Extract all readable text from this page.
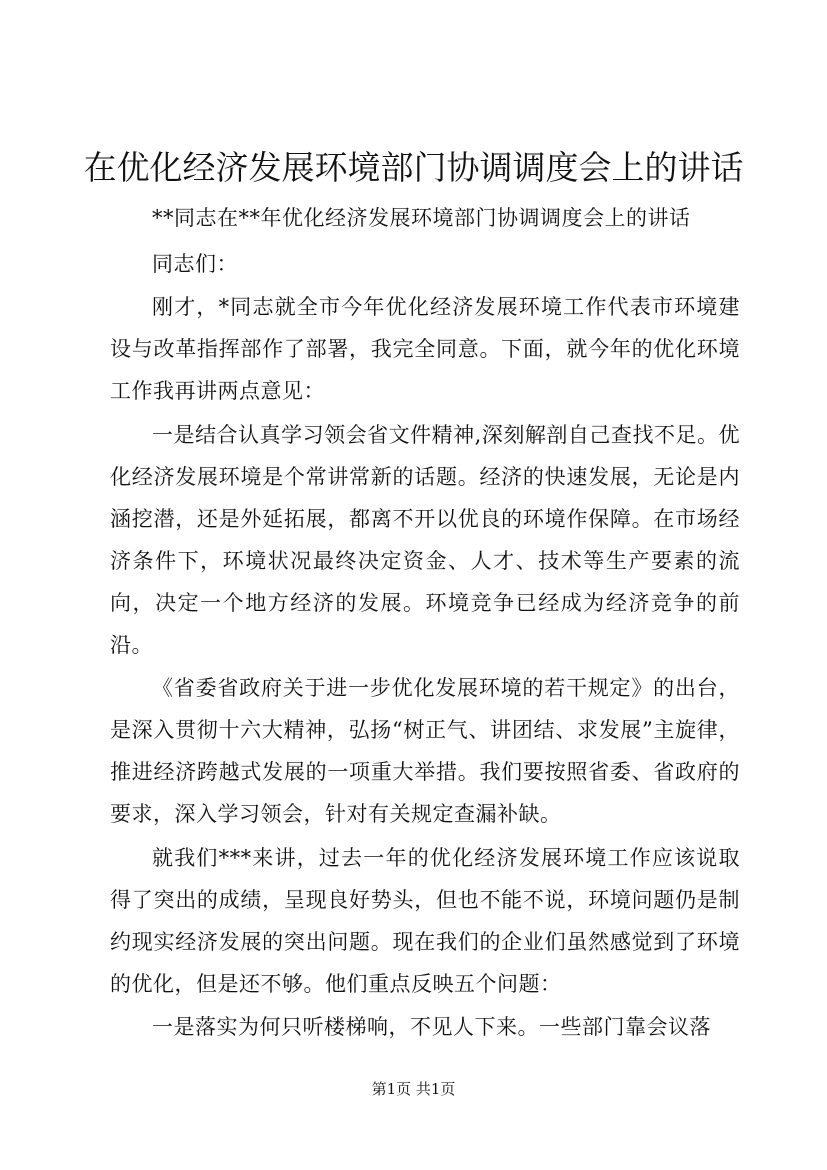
在优化经济发展环境部门协调调度会上的讲话

**同志在**年优化经济发展环境部门协调调度会上的讲话

同志们：

刚才，*同志就全市今年优化经济发展环境工作代表市环境建设与改革指挥部作了部署，我完全同意。下面，就今年的优化环境工作我再讲两点意见：

一是结合认真学习领会省文件精神,深刻解剖自己查找不足。优化经济发展环境是个常讲常新的话题。经济的快速发展，无论是内涵挖潜，还是外延拓展，都离不开以优良的环境作保障。在市场经济条件下，环境状况最终决定资金、人才、技术等生产要素的流向，决定一个地方经济的发展。环境竞争已经成为经济竞争的前沿。

《省委省政府关于进一步优化发展环境的若干规定》的出台，是深入贯彻十六大精神，弘扬“树正气、讲团结、求发展”主旋律，推进经济跨越式发展的一项重大举措。我们要按照省委、省政府的要求，深入学习领会，针对有关规定查漏补缺。

就我们***来讲，过去一年的优化经济发展环境工作应该说取得了突出的成绩，呈现良好势头，但也不能不说，环境问题仍是制约现实经济发展的突出问题。现在我们的企业们虽然感觉到了环境的优化，但是还不够。他们重点反映五个问题：

一是落实为何只听楼梯响，不见人下来。一些部门靠会议落

第1页 共1页
